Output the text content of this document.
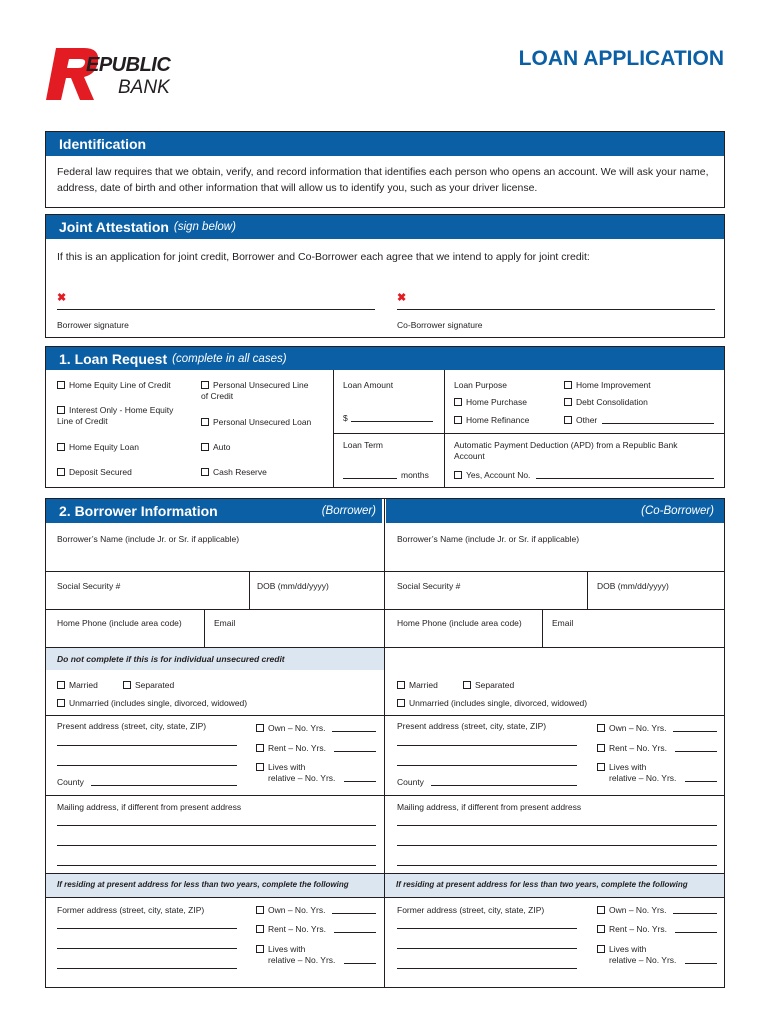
EPUBLIC
BANK
LOAN APPLICATION
Identification
Federal law requires that we obtain, verify, and record information that identifies each person who opens an account. We will ask your name, address, date of birth and other information that will allow us to identify you, such as your driver license.
Joint Attestation (sign below)
If this is an application for joint credit, Borrower and Co-Borrower each agree that we intend to apply for joint credit:
✖
Borrower signature
✖
Co-Borrower signature
1. Loan Request (complete in all cases)
Home Equity Line of Credit
Interest Only - Home Equity Line of Credit
Home Equity Loan
Deposit Secured
Personal Unsecured Line of Credit
Personal Unsecured Loan
Auto
Cash Reserve
Loan Amount
$
Loan Term
months
Loan Purpose
Home Purchase
Home Refinance
Home Improvement
Debt Consolidation
Other
Automatic Payment Deduction (APD) from a Republic Bank Account
Yes, Account No.
2. Borrower Information	(Borrower)	(Co-Borrower)
Borrower’s Name (include Jr. or Sr. if applicable)	Borrower’s Name (include Jr. or Sr. if applicable)
Social Security #	DOB (mm/dd/yyyy)	Social Security #	DOB (mm/dd/yyyy)
Home Phone (include area code)	Email	Home Phone (include area code)	Email
Do not complete if this is for individual unsecured credit
Married	Separated
Unmarried (includes single, divorced, widowed)
Married	Separated
Unmarried (includes single, divorced, widowed)
Present address (street, city, state, ZIP)
County
Own – No. Yrs.
Rent – No. Yrs.
Lives with
relative – No. Yrs.
Present address (street, city, state, ZIP)
County
Own – No. Yrs.
Rent – No. Yrs.
Lives with
relative – No. Yrs.
Mailing address, if different from present address	Mailing address, if different from present address
If residing at present address for less than two years, complete the following	If residing at present address for less than two years, complete the following
Former address (street, city, state, ZIP)	Own – No. Yrs.
Rent – No. Yrs.
Lives with
relative – No. Yrs.
Former address (street, city, state, ZIP)	Own – No. Yrs.
Rent – No. Yrs.
Lives with
relative – No. Yrs.
